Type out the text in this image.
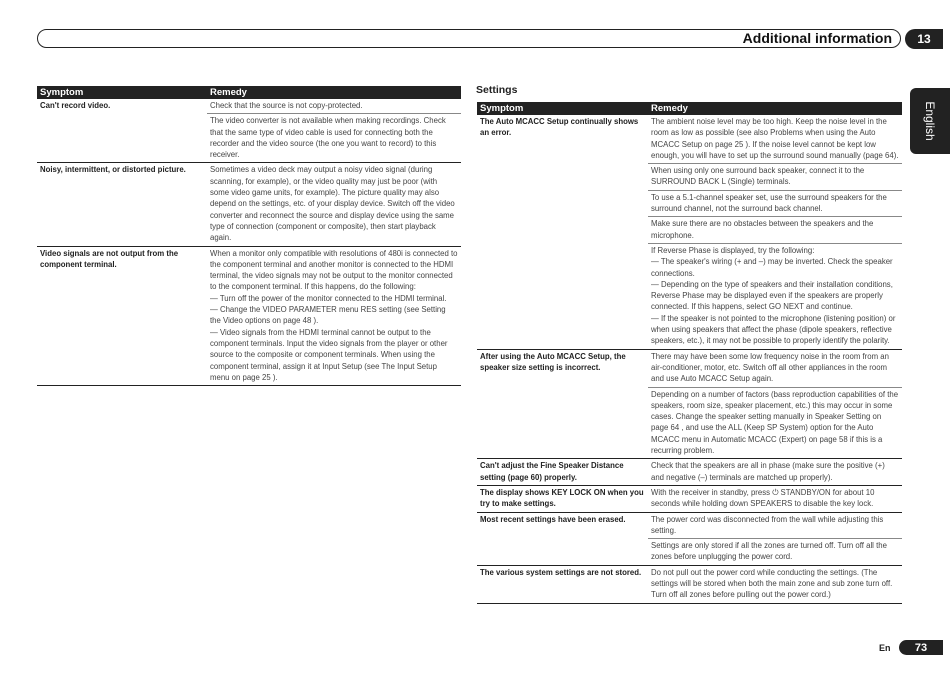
Additional information	13
English
Settings
Symptom	Remedy
Can't record video.	Check that the source is not copy-protected.
	The video converter is not available when making recordings. Check that the same type of video cable is used for connecting both the recorder and the video source (the one you want to record) to this receiver.
Noisy, intermittent, or distorted picture.	Sometimes a video deck may output a noisy video signal (during scanning, for example), or the video quality may just be poor (with some video game units, for example). The picture quality may also depend on the settings, etc. of your display device. Switch off the video converter and reconnect the source and display device using the same type of connection (component or composite), then start playback again.
Video signals are not output from the component terminal.	When a monitor only compatible with resolutions of 480i is connected to the component terminal and another monitor is connected to the HDMI terminal, the video signals may not be output to the monitor connected to the component terminal. If this happens, do the following:
— Turn off the power of the monitor connected to the HDMI terminal.
— Change the VIDEO PARAMETER menu RES setting (see Setting the Video options on page 48 ).
— Video signals from the HDMI terminal cannot be output to the component terminals. Input the video signals from the player or other source to the composite or component terminals. When using the component terminal, assign it at Input Setup (see The Input Setup menu on page 25 ).
Symptom	Remedy
The Auto MCACC Setup continually shows an error.	The ambient noise level may be too high. Keep the noise level in the room as low as possible (see also Problems when using the Auto MCACC Setup on page 25 ). If the noise level cannot be kept low enough, you will have to set up the surround sound manually (page 64).
	When using only one surround back speaker, connect it to the SURROUND BACK L (Single) terminals.
	To use a 5.1-channel speaker set, use the surround speakers for the surround channel, not the surround back channel.
	Make sure there are no obstacles between the speakers and the microphone.
	If Reverse Phase is displayed, try the following:
— The speaker's wiring (+ and –) may be inverted. Check the speaker connections.
— Depending on the type of speakers and their installation conditions, Reverse Phase may be displayed even if the speakers are properly connected. If this happens, select GO NEXT and continue.
— If the speaker is not pointed to the microphone (listening position) or when using speakers that affect the phase (dipole speakers, reflective speakers, etc.), it may not be possible to properly identify the polarity.
After using the Auto MCACC Setup, the speaker size setting is incorrect.	There may have been some low frequency noise in the room from an air-conditioner, motor, etc. Switch off all other appliances in the room and use Auto MCACC Setup again.
	Depending on a number of factors (bass reproduction capabilities of the speakers, room size, speaker placement, etc.) this may occur in some cases. Change the speaker setting manually in Speaker Setting on page 64 , and use the ALL (Keep SP System) option for the Auto MCACC menu in Automatic MCACC (Expert) on page 58 if this is a recurring problem.
Can't adjust the Fine Speaker Distance setting (page 60) properly.	Check that the speakers are all in phase (make sure the positive (+) and negative (–) terminals are matched up properly).
The display shows KEY LOCK ON when you try to make settings.	With the receiver in standby, press ⏻ STANDBY/ON for about 10 seconds while holding down SPEAKERS to disable the key lock.
Most recent settings have been erased.	The power cord was disconnected from the wall while adjusting this setting.
	Settings are only stored if all the zones are turned off. Turn off all the zones before unplugging the power cord.
The various system settings are not stored.	Do not pull out the power cord while conducting the settings. (The settings will be stored when both the main zone and sub zone turn off. Turn off all zones before pulling out the power cord.)
En	73
